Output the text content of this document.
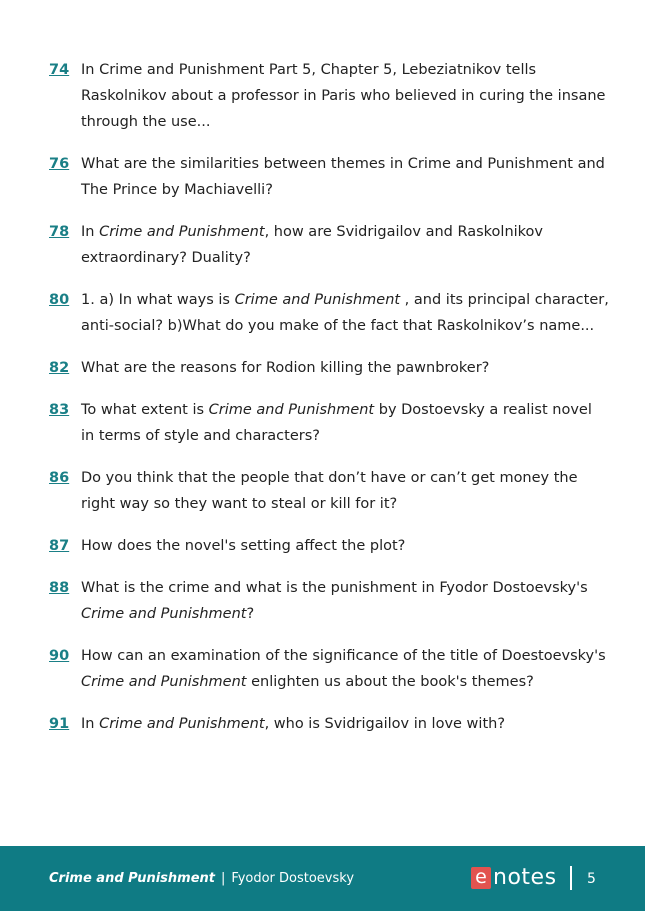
74 In Crime and Punishment Part 5, Chapter 5, Lebeziatnikov tells Raskolnikov about a professor in Paris who believed in curing the insane through the use...
76 What are the similarities between themes in Crime and Punishment and The Prince by Machiavelli?
78 In Crime and Punishment, how are Svidrigailov and Raskolnikov extraordinary? Duality?
80 1. a) In what ways is Crime and Punishment , and its principal character, anti-social? b)What do you make of the fact that Raskolnikov’s name...
82 What are the reasons for Rodion killing the pawnbroker?
83 To what extent is Crime and Punishment by Dostoevsky a realist novel in terms of style and characters?
86 Do you think that the people that don’t have or can’t get money the right way so they want to steal or kill for it?
87 How does the novel's setting affect the plot?
88 What is the crime and what is the punishment in Fyodor Dostoevsky's Crime and Punishment?
90 How can an examination of the significance of the title of Doestoevsky's Crime and Punishment enlighten us about the book's themes?
91 In Crime and Punishment, who is Svidrigailov in love with?
Crime and Punishment | Fyodor Dostoevsky	e notes 5
